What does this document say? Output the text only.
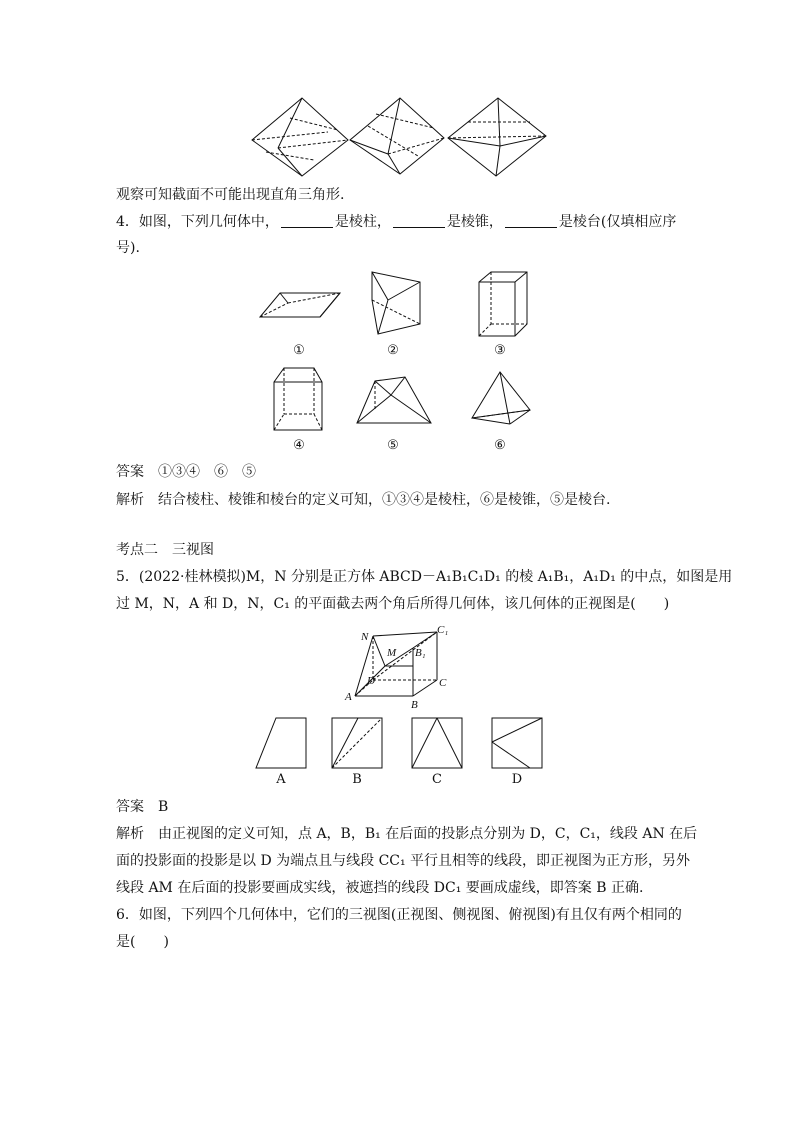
观察可知截面不可能出现直角三角形.
4．如图，下列几何体中，	是棱柱，	是棱锥，	是棱台(仅填相应序
号).
①	②	③
④	⑤	⑥
答案　 ①③④　⑥　⑤
解析　 结合棱柱、棱锥和棱台的定义可知，①③④是棱柱，⑥是棱锥，⑤是棱台.
考点二　三视图
5．(2022·桂林模拟)M，N 分别是正方体 ABCD－A₁B₁C₁D₁ 的棱 A₁B₁，A₁D₁ 的中点，如图是用
过 M，N，A 和 D，N，C₁ 的平面截去两个角后所得几何体，该几何体的正视图是(　　)
N
C₁
M B₁
D	C
A
B
A	B	C	D
答案　 B
解析　 由正视图的定义可知，点 A，B，B₁ 在后面的投影点分别为 D，C，C₁，线段 AN 在后
面的投影面的投影是以 D 为端点且与线段 CC₁ 平行且相等的线段，即正视图为正方形，另外
线段 AM 在后面的投影要画成实线，被遮挡的线段 DC₁ 要画成虚线，即答案 B 正确.
6．如图，下列四个几何体中，它们的三视图(正视图、侧视图、俯视图)有且仅有两个相同的
是(　　)
